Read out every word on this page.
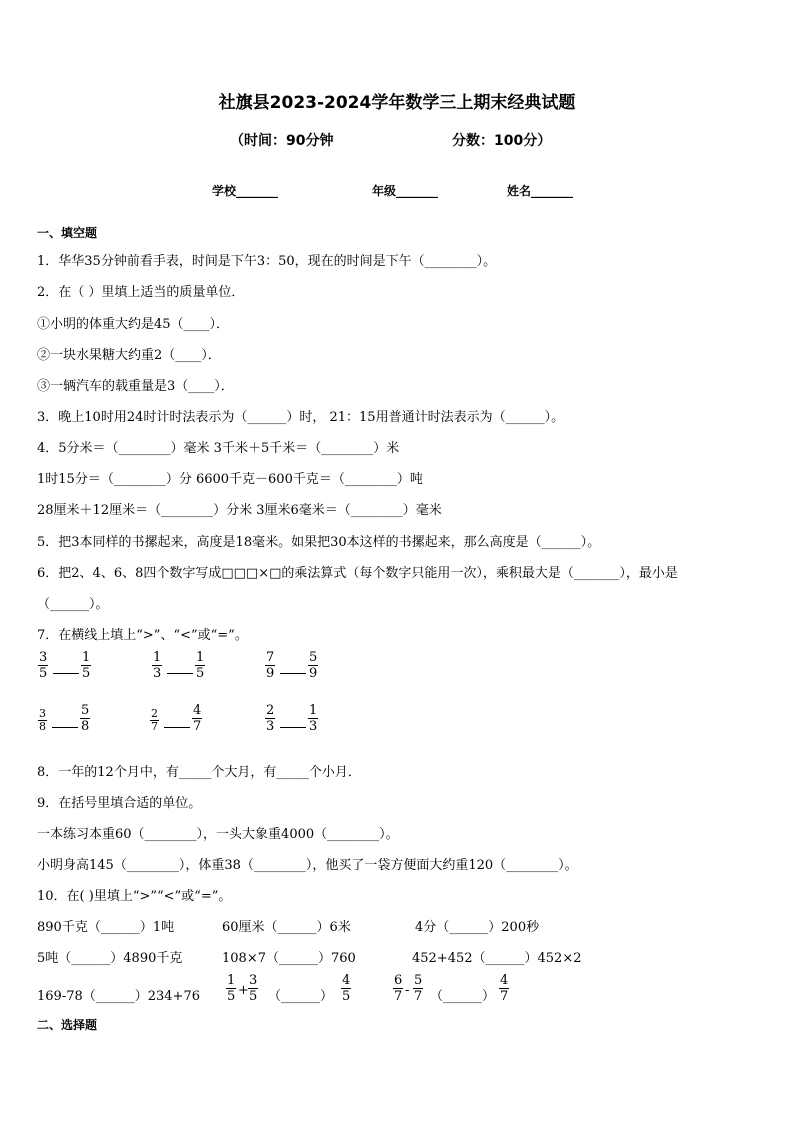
社旗县2023-2024学年数学三上期末经典试题
（时间：90分钟	分数：100分）
学校_______	年级_______	姓名_______
一、填空题
1．华华35分钟前看手表，时间是下午3：50，现在的时间是下午（________）。
2．在（ ）里填上适当的质量单位．
①小明的体重大约是45（____）．
②一块水果糖大约重2（____）．
③一辆汽车的载重量是3（____）．
3．晚上10时用24时计时法表示为（______）时， 21：15用普通计时法表示为（______）。
4．5分米＝（________）毫米 3千米＋5千米＝（________）米
1时15分＝（________）分 6600千克－600千克＝（________）吨
28厘米＋12厘米＝（________）分米 3厘米6毫米＝（________）毫米
5．把3本同样的书摞起来，高度是18毫米。如果把30本这样的书摞起来，那么高度是（______）。
6．把2、4、6、8四个数字写成□□□×□的乘法算式（每个数字只能用一次），乘积最大是（_______），最小是
（______）。
7．在横线上填上“>”、“<”或“=”。
$\frac{3}{5}$	$\frac{1}{5}$	$\frac{1}{3}$	$\frac{1}{5}$	$\frac{7}{9}$	$\frac{5}{9}$
$\frac{3}{8}$	$\frac{5}{8}$	$\frac{2}{7}$	$\frac{4}{7}$	$\frac{2}{3}$	$\frac{1}{3}$
8．一年的12个月中，有_____个大月，有_____个小月．
9．在括号里填合适的单位。
一本练习本重60（________），一头大象重4000（________）。
小明身高145（________），体重38（________），他买了一袋方便面大约重120（________）。
10．在( )里填上“>”“<”或“=”。
890千克（______）1吨	60厘米（______）6米	4分（______）200秒
5吨（______）4890千克	108×7（______）760	452+452（______）452×2
169-78（______）234+76 $\frac{1}{5} + \frac{3}{5}$ （______） $\frac{4}{5}$	$\frac{6}{7} - \frac{5}{7}$ （______） $\frac{4}{7}$
二、选择题
